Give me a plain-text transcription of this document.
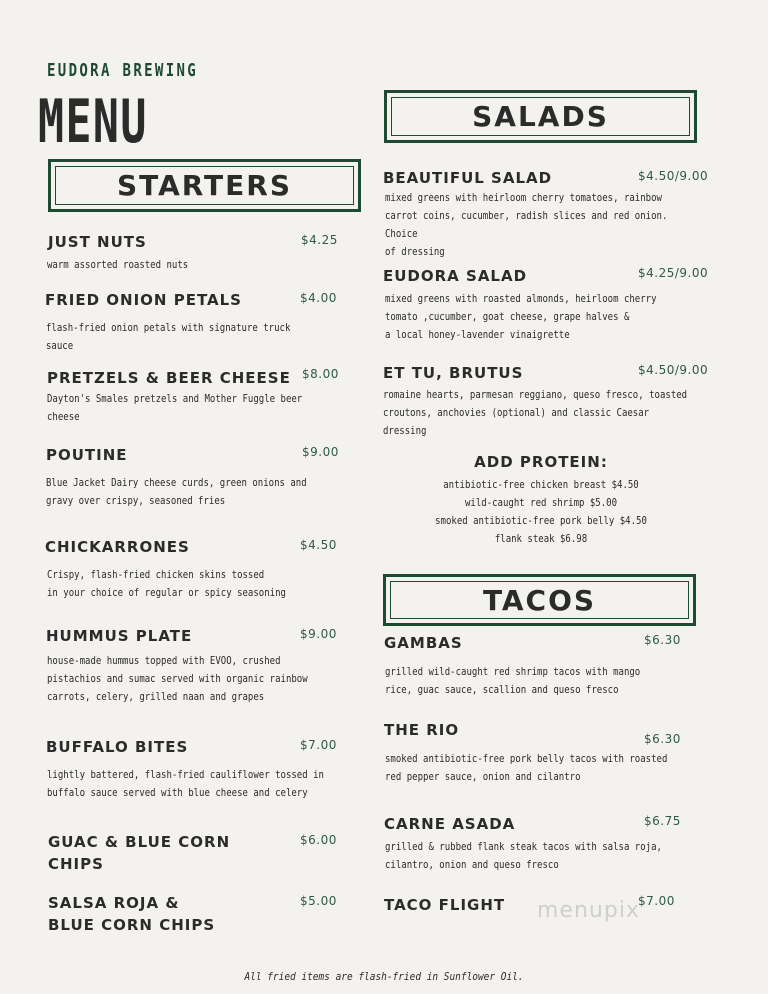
EUDORA BREWING
MENU
STARTERS
SALADS
TACOS
JUST NUTS	$4.25
warm assorted roasted nuts
FRIED ONION PETALS	$4.00
flash-fried onion petals with signature truck
sauce
PRETZELS & BEER CHEESE $8.00
Dayton's Smales pretzels and Mother Fuggle beer
cheese
POUTINE	$9.00
Blue Jacket Dairy cheese curds, green onions and
gravy over crispy, seasoned fries
CHICKARRONES	$4.50
Crispy, flash-fried chicken skins tossed
in your choice of regular or spicy seasoning
HUMMUS PLATE	$9.00
house-made hummus topped with EVOO, crushed
pistachios and sumac served with organic rainbow
carrots, celery, grilled naan and grapes
BUFFALO BITES	$7.00
lightly battered, flash-fried cauliflower tossed in
buffalo sauce served with blue cheese and celery
GUAC & BLUE CORN
CHIPS
$6.00
SALSA ROJA &
BLUE CORN CHIPS
$5.00
BEAUTIFUL SALAD	$4.50/9.00
mixed greens with heirloom cherry tomatoes, rainbow
carrot coins, cucumber, radish slices and red onion. Choice
of dressing
EUDORA SALAD	$4.25/9.00
mixed greens with roasted almonds, heirloom cherry
tomato ,cucumber, goat cheese, grape halves &
a local honey-lavender vinaigrette
ET TU, BRUTUS	$4.50/9.00
romaine hearts, parmesan reggiano, queso fresco, toasted
croutons, anchovies (optional) and classic Caesar
dressing
ADD PROTEIN:
antibiotic-free chicken breast $4.50
wild-caught red shrimp $5.00
smoked antibiotic-free pork belly $4.50
flank steak $6.98
GAMBAS	$6.30
grilled wild-caught red shrimp tacos with mango
rice, guac sauce, scallion and queso fresco
THE RIO	$6.30
smoked antibiotic-free pork belly tacos with roasted
red pepper sauce, onion and cilantro
CARNE ASADA	$6.75
grilled & rubbed flank steak tacos with salsa roja,
cilantro, onion and queso fresco
TACO FLIGHT	$7.00
menupix
All fried items are flash-fried in Sunflower Oil.
